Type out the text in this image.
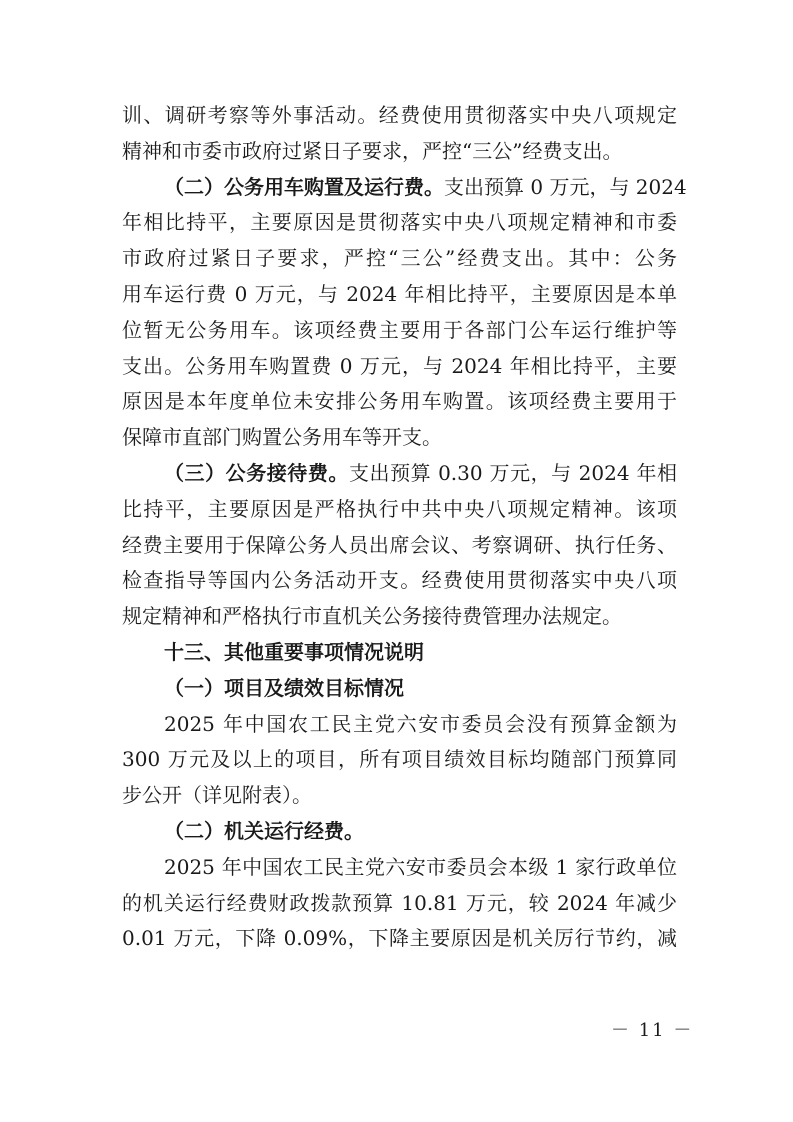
训、调研考察等外事活动。经费使用贯彻落实中央八项规定
精神和市委市政府过紧日子要求，严控“三公”经费支出。
（二）公务用车购置及运行费。支出预算 0 万元，与 2024
年相比持平，主要原因是贯彻落实中央八项规定精神和市委
市政府过紧日子要求，严控“三公”经费支出。其中：公务
用车运行费 0 万元，与 2024 年相比持平，主要原因是本单
位暂无公务用车。该项经费主要用于各部门公车运行维护等
支出。公务用车购置费 0 万元，与 2024 年相比持平，主要
原因是本年度单位未安排公务用车购置。该项经费主要用于
保障市直部门购置公务用车等开支。
（三）公务接待费。支出预算 0.30 万元，与 2024 年相
比持平，主要原因是严格执行中共中央八项规定精神。该项
经费主要用于保障公务人员出席会议、考察调研、执行任务、
检查指导等国内公务活动开支。经费使用贯彻落实中央八项
规定精神和严格执行市直机关公务接待费管理办法规定。
十三、其他重要事项情况说明
（一）项目及绩效目标情况
2025 年中国农工民主党六安市委员会没有预算金额为
300 万元及以上的项目，所有项目绩效目标均随部门预算同
步公开（详见附表）。
（二）机关运行经费。
2025 年中国农工民主党六安市委员会本级 1 家行政单位
的机关运行经费财政拨款预算 10.81 万元，较 2024 年减少
0.01 万元，下降 0.09%，下降主要原因是机关厉行节约，减
－ 11 －
